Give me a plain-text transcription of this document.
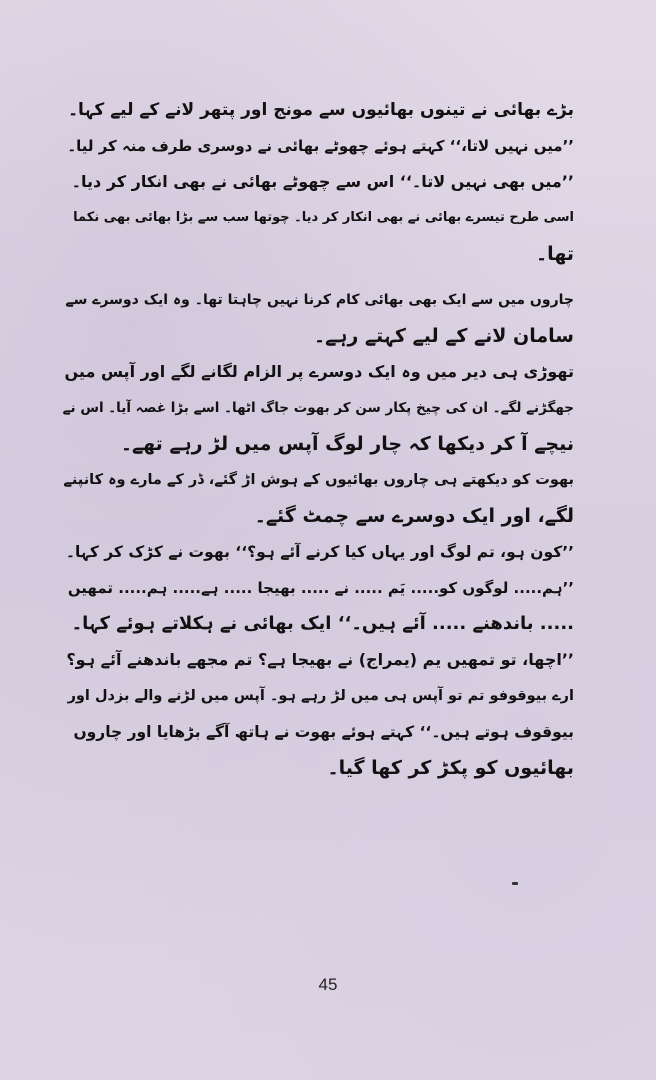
بڑے بھائی نے تینوں بھائیوں سے مونج اور پتھر لانے کے لیے کہا۔
’’میں نہیں لاتا،‘‘ کہتے ہوئے چھوٹے بھائی نے دوسری طرف منہ کر لیا۔
’’میں بھی نہیں لاتا۔‘‘ اس سے چھوٹے بھائی نے بھی انکار کر دیا۔
اسی طرح تیسرے بھائی نے بھی انکار کر دیا۔ چوتھا سب سے بڑا بھائی بھی نکما
تھا۔
چاروں میں سے ایک بھی بھائی کام کرنا نہیں چاہتا تھا۔ وہ ایک دوسرے سے
سامان لانے کے لیے کہتے رہے۔
تھوڑی ہی دیر میں وہ ایک دوسرے پر الزام لگانے لگے اور آپس میں
جھگڑنے لگے۔ ان کی چیخ پکار سن کر بھوت جاگ اٹھا۔ اسے بڑا غصہ آیا۔ اس نے
نیچے آ کر دیکھا کہ چار لوگ آپس میں لڑ رہے تھے۔
بھوت کو دیکھتے ہی چاروں بھائیوں کے ہوش اڑ گئے، ڈر کے مارے وہ کانپنے
لگے، اور ایک دوسرے سے چمٹ گئے۔
’’کون ہو، تم لوگ اور یہاں کیا کرنے آئے ہو؟‘‘ بھوت نے کڑک کر کہا۔
’’ہم..... لوگوں کو..... یَم ..... نے ..... بھیجا ..... ہے..... ہم..... تمھیں
..... باندھنے ..... آئے ہیں۔‘‘ ایک بھائی نے ہکلاتے ہوئے کہا۔
’’اچھا، تو تمھیں یم (یمراج) نے بھیجا ہے؟ تم مجھے باندھنے آئے ہو؟
ارے بیوقوفو تم تو آپس ہی میں لڑ رہے ہو۔ آپس میں لڑنے والے بزدل اور
بیوقوف ہوتے ہیں۔‘‘ کہتے ہوئے بھوت نے ہاتھ آگے بڑھایا اور چاروں
بھائیوں کو پکڑ کر کھا گیا۔
45
